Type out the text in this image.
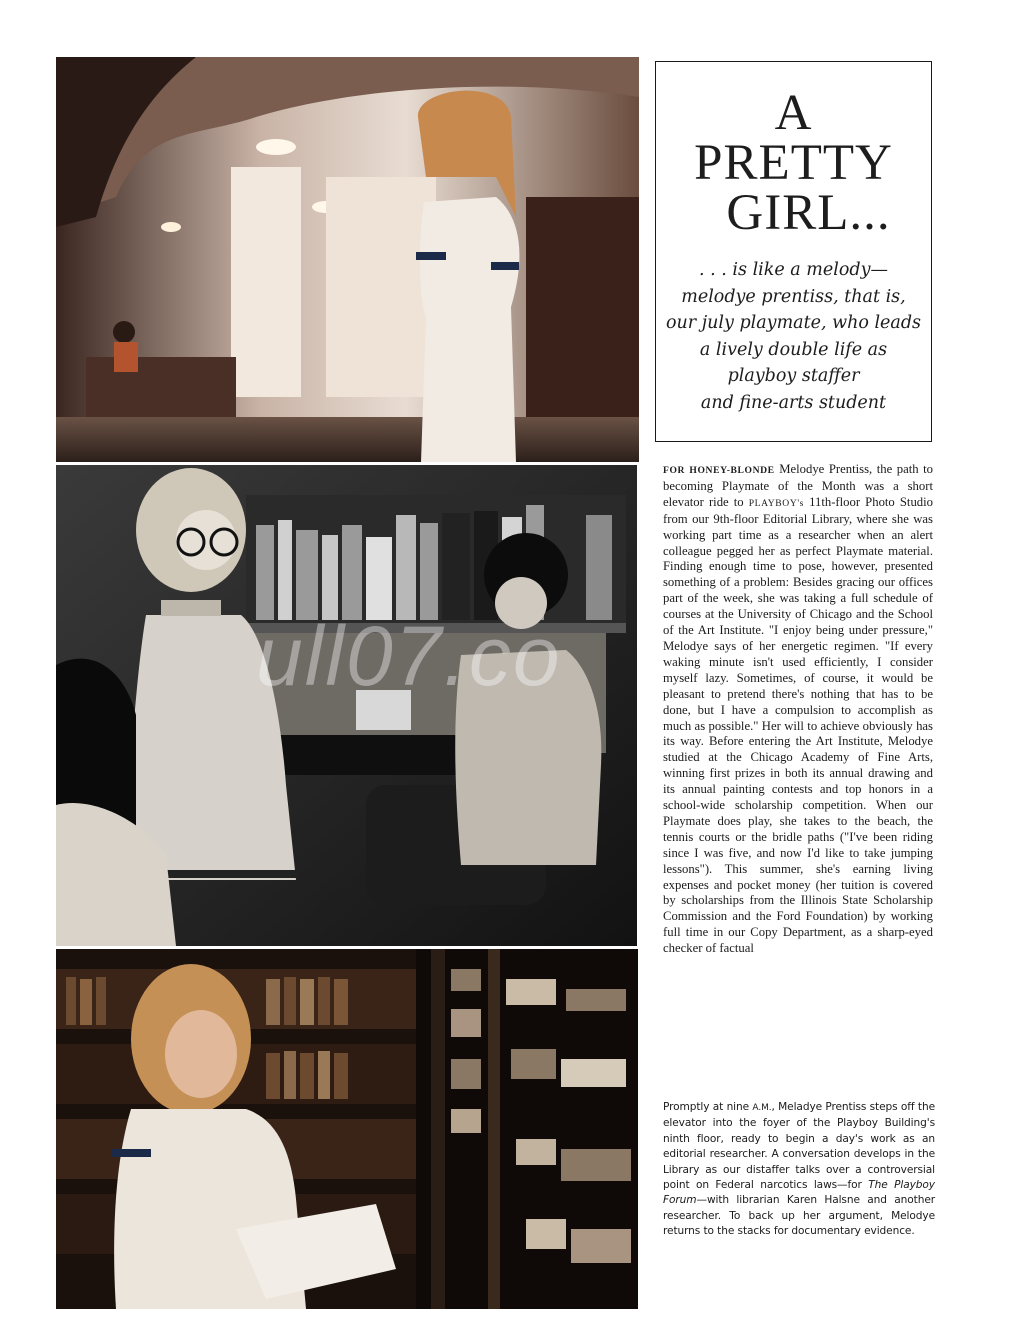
A
PRETTY
GIRL...

. . . is like a melody—
melodye prentiss, that is,
our july playmate, who leads
a lively double life as
playboy staffer
and fine-arts student

FOR HONEY-BLONDE Melodye Prentiss, the path to becoming Playmate of the Month was a short elevator ride to PLAYBOY's 11th-floor Photo Studio from our 9th-floor Editorial Library, where she was working part time as a researcher when an alert colleague pegged her as perfect Playmate material. Finding enough time to pose, however, presented something of a problem: Besides gracing our offices part of the week, she was taking a full schedule of courses at the University of Chicago and the School of the Art Institute. "I enjoy being under pressure," Melodye says of her energetic regimen. "If every waking minute isn't used efficiently, I consider myself lazy. Sometimes, of course, it would be pleasant to pretend there's nothing that has to be done, but I have a compulsion to accomplish as much as possible." Her will to achieve obviously has its way. Before entering the Art Institute, Melodye studied at the Chicago Academy of Fine Arts, winning first prizes in both its annual drawing and its annual painting contests and top honors in a school-wide scholarship competition. When our Playmate does play, she takes to the beach, the tennis courts or the bridle paths ("I've been riding since I was five, and now I'd like to take jumping lessons"). This summer, she's earning living expenses and pocket money (her tuition is covered by scholarships from the Illinois State Scholarship Commission and the Ford Foundation) by working full time in our Copy Department, as a sharp-eyed checker of factual

Promptly at nine A.M., Meladye Prentiss steps off the elevator into the foyer of the Playboy Building's ninth floor, ready to begin a day's work as an editorial researcher. A conversation develops in the Library as our distaffer talks over a controversial point on Federal narcotics laws—for The Playboy Forum—with librarian Karen Halsne and another researcher. To back up her argument, Melodye returns to the stacks for documentary evidence.

ull07.co
